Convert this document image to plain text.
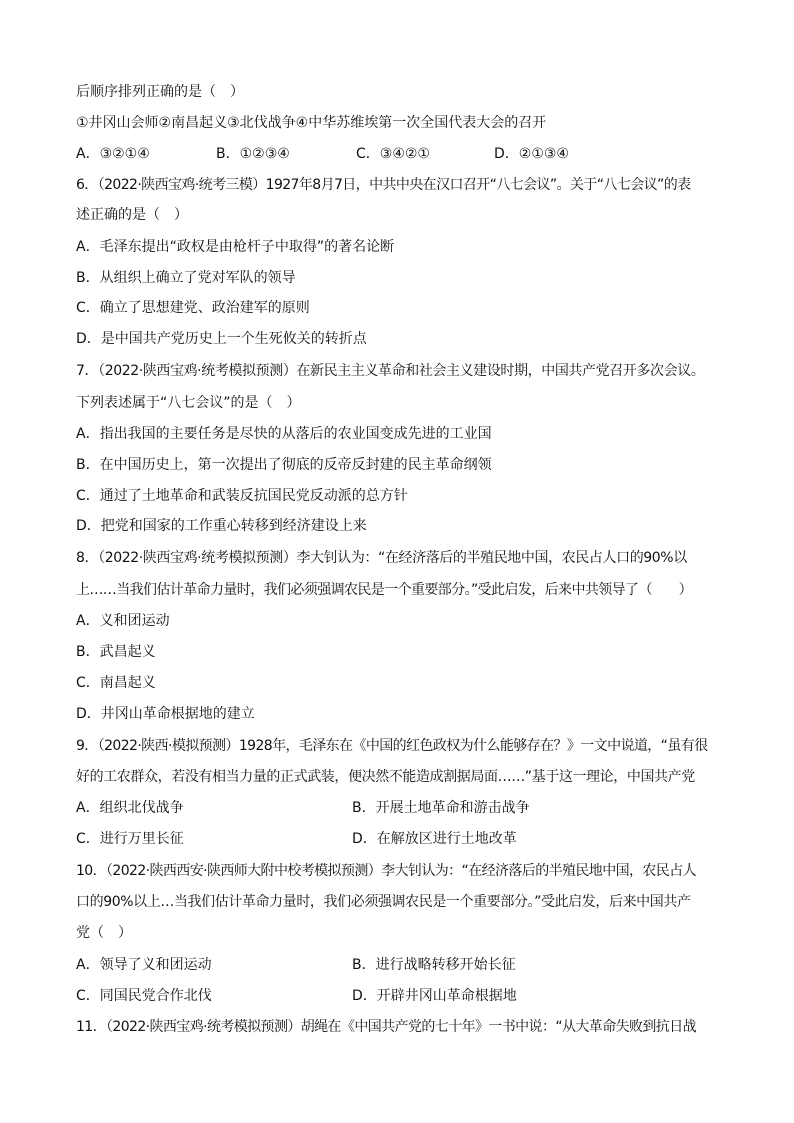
后顺序排列正确的是（　）
①井冈山会师②南昌起义③北伐战争④中华苏维埃第一次全国代表大会的召开
A．③②①④	B．①②③④	C．③④②①	D．②①③④
6．（2022·陕西宝鸡·统考三模）1927年8月7日，中共中央在汉口召开“八七会议”。关于“八七会议”的表
述正确的是（　）
A．毛泽东提出“政权是由枪杆子中取得”的著名论断
B．从组织上确立了党对军队的领导
C．确立了思想建党、政治建军的原则
D．是中国共产党历史上一个生死攸关的转折点
7．（2022·陕西宝鸡·统考模拟预测）在新民主主义革命和社会主义建设时期，中国共产党召开多次会议。
下列表述属于“八七会议”的是（　）
A．指出我国的主要任务是尽快的从落后的农业国变成先进的工业国
B．在中国历史上，第一次提出了彻底的反帝反封建的民主革命纲领
C．通过了土地革命和武装反抗国民党反动派的总方针
D．把党和国家的工作重心转移到经济建设上来
8．（2022·陕西宝鸡·统考模拟预测）李大钊认为：“在经济落后的半殖民地中国，农民占人口的90%以
上……当我们估计革命力量时，我们必须强调农民是一个重要部分。”受此启发，后来中共领导了（　　）
A．义和团运动
B．武昌起义
C．南昌起义
D．井冈山革命根据地的建立
9．（2022·陕西·模拟预测）1928年，毛泽东在《中国的红色政权为什么能够存在？》一文中说道，“虽有很
好的工农群众，若没有相当力量的正式武装，便决然不能造成割据局面……”基于这一理论，中国共产党
A．组织北伐战争	B．开展土地革命和游击战争
C．进行万里长征	D．在解放区进行土地改革
10．（2022·陕西西安·陕西师大附中校考模拟预测）李大钊认为：“在经济落后的半殖民地中国，农民占人
口的90%以上…当我们估计革命力量时，我们必须强调农民是一个重要部分。”受此启发，后来中国共产
党（　）
A．领导了义和团运动	B．进行战略转移开始长征
C．同国民党合作北伐	D．开辟井冈山革命根据地
11．（2022·陕西宝鸡·统考模拟预测）胡绳在《中国共产党的七十年》一书中说：“从大革命失败到抗日战
